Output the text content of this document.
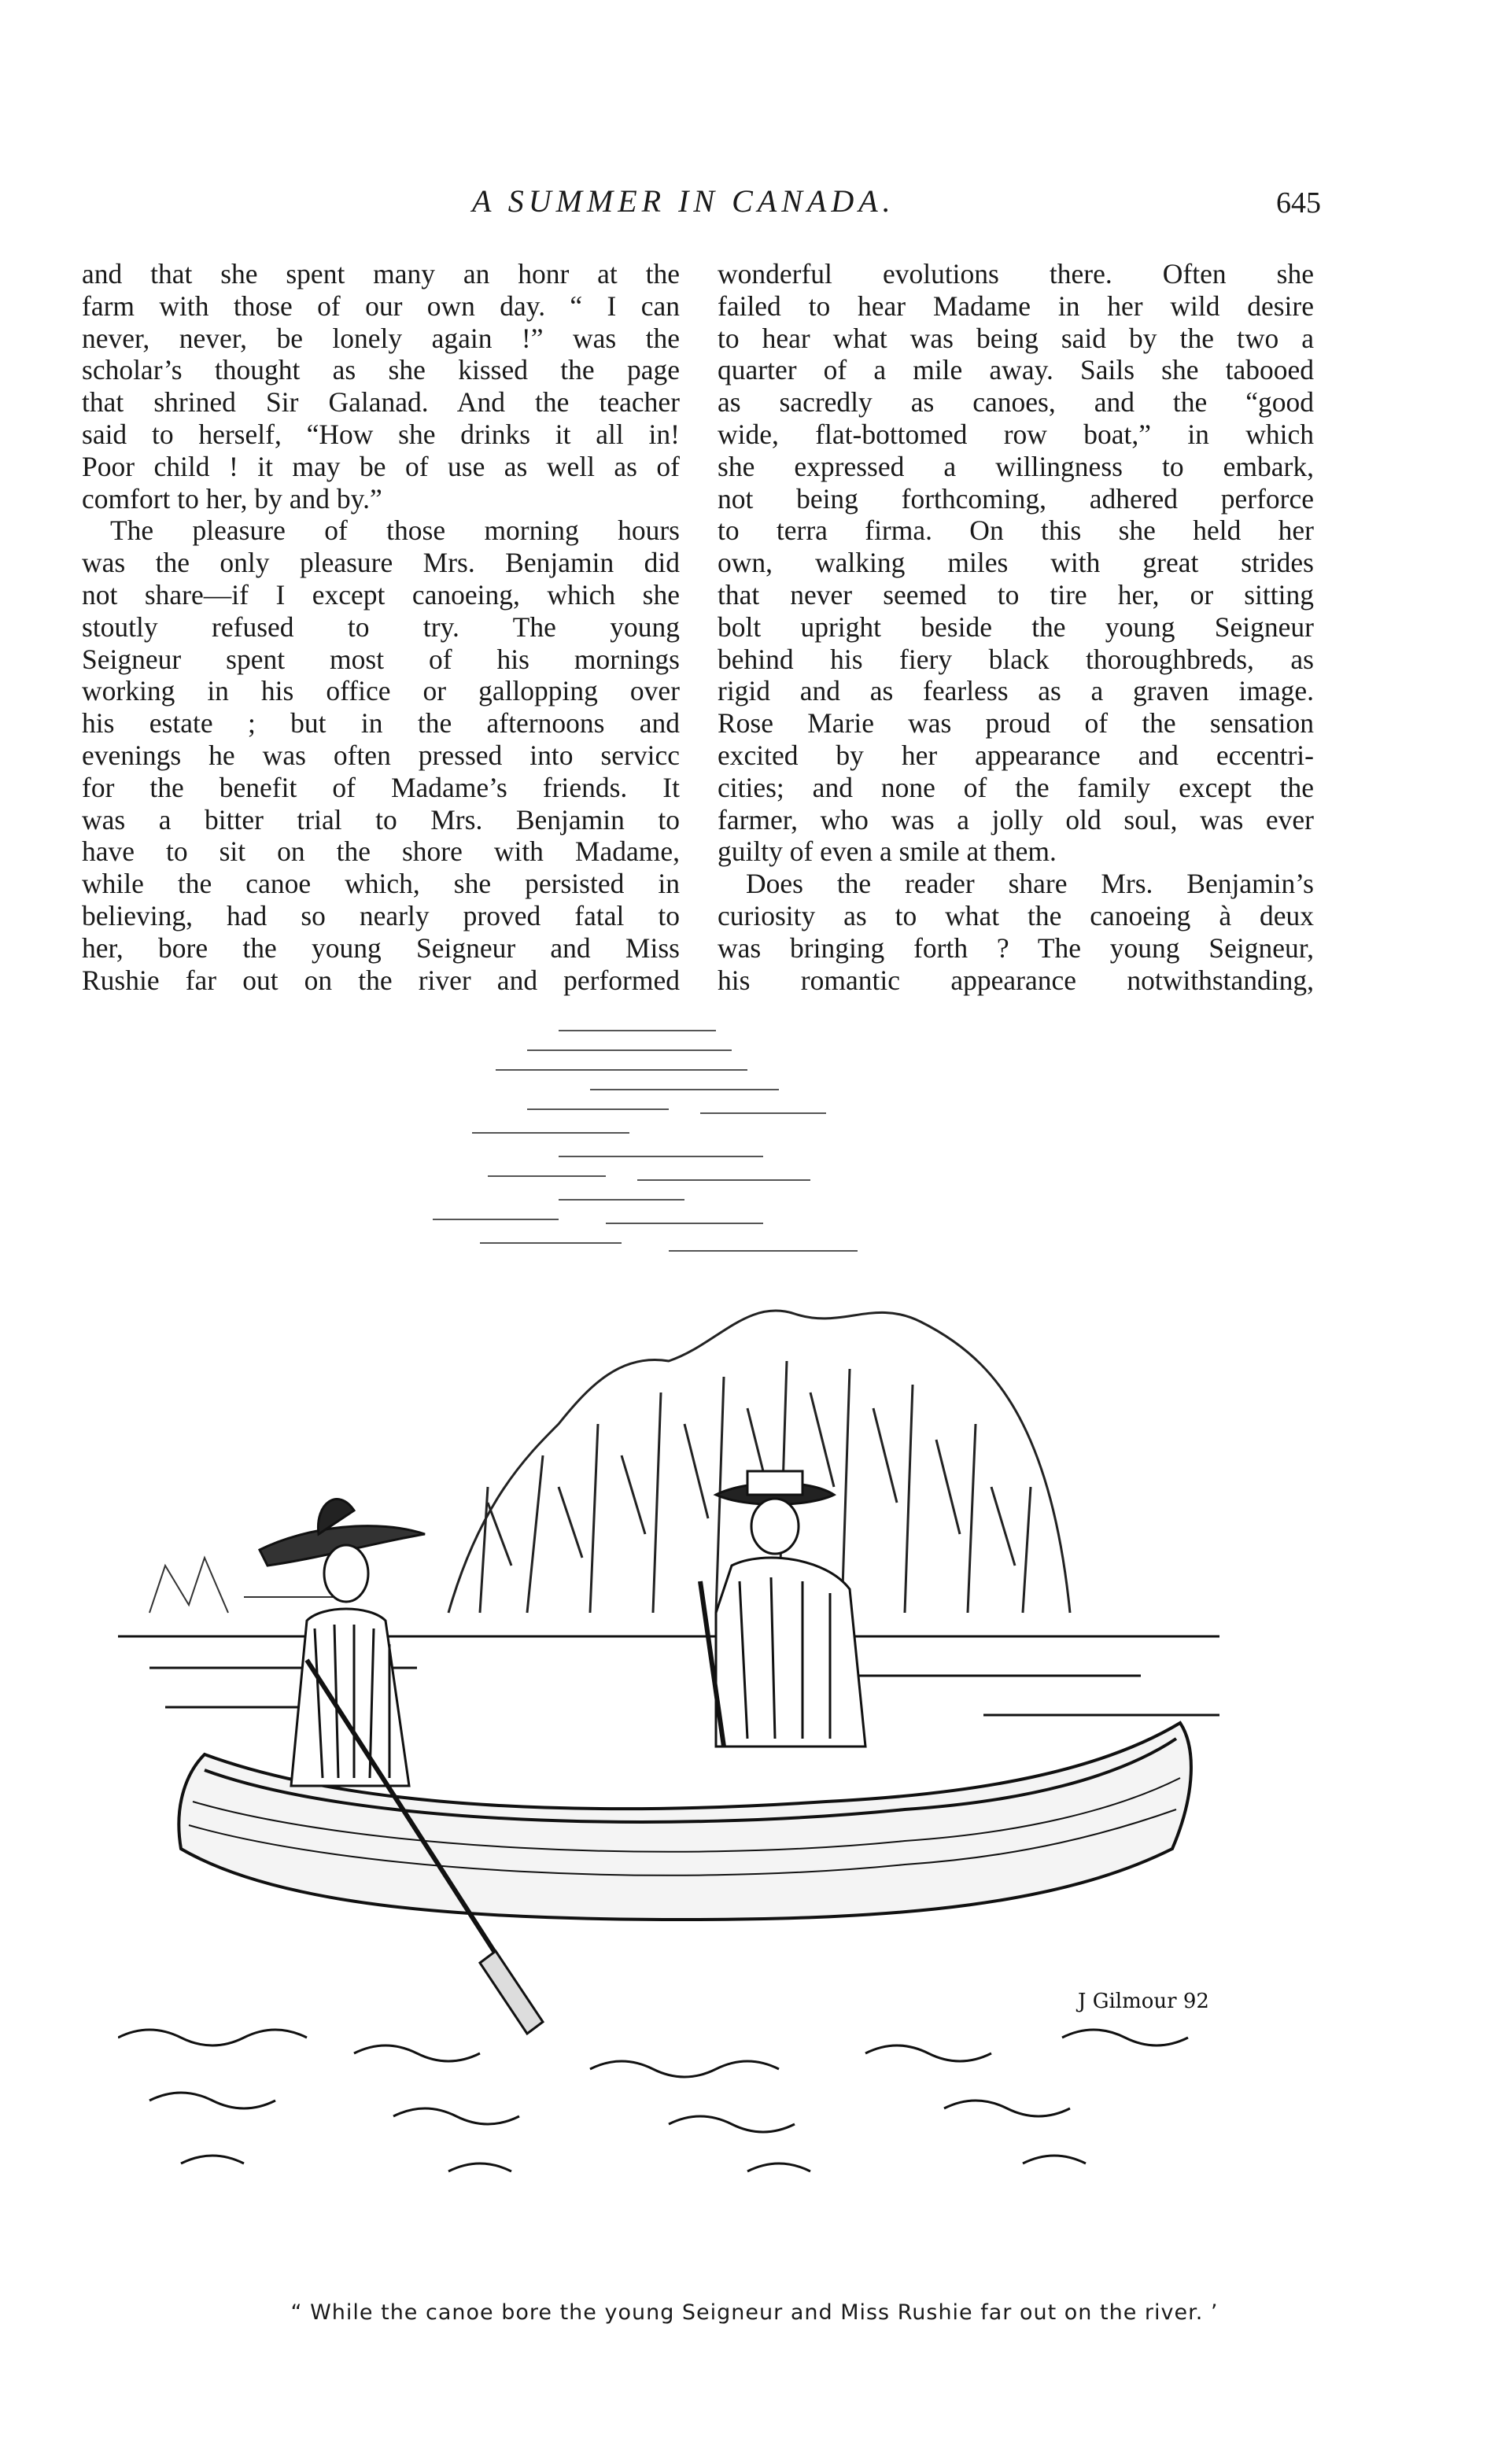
A SUMMER IN CANADA.	645
and that she spent many an honr at the
farm with those of our own day. “ I can
never, never, be lonely again !” was the
scholar’s thought as she kissed the page
that shrined Sir Galanad. And the teacher
said to herself, “How she drinks it all in!
Poor child ! it may be of use as well as of
comfort to her, by and by.”
The pleasure of those morning hours
was the only pleasure Mrs. Benjamin did
not share—if I except canoeing, which she
stoutly refused to try. The young
Seigneur spent most of his mornings
working in his office or gallopping over
his estate ; but in the afternoons and
evenings he was often pressed into servicc
for the benefit of Madame’s friends. It
was a bitter trial to Mrs. Benjamin to
have to sit on the shore with Madame,
while the canoe which, she persisted in
believing, had so nearly proved fatal to
her, bore the young Seigneur and Miss
Rushie far out on the river and performed
wonderful evolutions there. Often she
failed to hear Madame in her wild desire
to hear what was being said by the two a
quarter of a mile away. Sails she tabooed
as sacredly as canoes, and the “good
wide, flat-bottomed row boat,” in which
she expressed a willingness to embark,
not being forthcoming, adhered perforce
to terra firma. On this she held her
own, walking miles with great strides
that never seemed to tire her, or sitting
bolt upright beside the young Seigneur
behind his fiery black thoroughbreds, as
rigid and as fearless as a graven image.
Rose Marie was proud of the sensation
excited by her appearance and eccentri-
cities; and none of the family except the
farmer, who was a jolly old soul, was ever
guilty of even a smile at them.
Does the reader share Mrs. Benjamin’s
curiosity as to what the canoeing à deux
was bringing forth ? The young Seigneur,
his romantic appearance notwithstanding,
J Gilmour 92
“ While the canoe bore the young Seigneur and Miss Rushie far out on the river. ’
